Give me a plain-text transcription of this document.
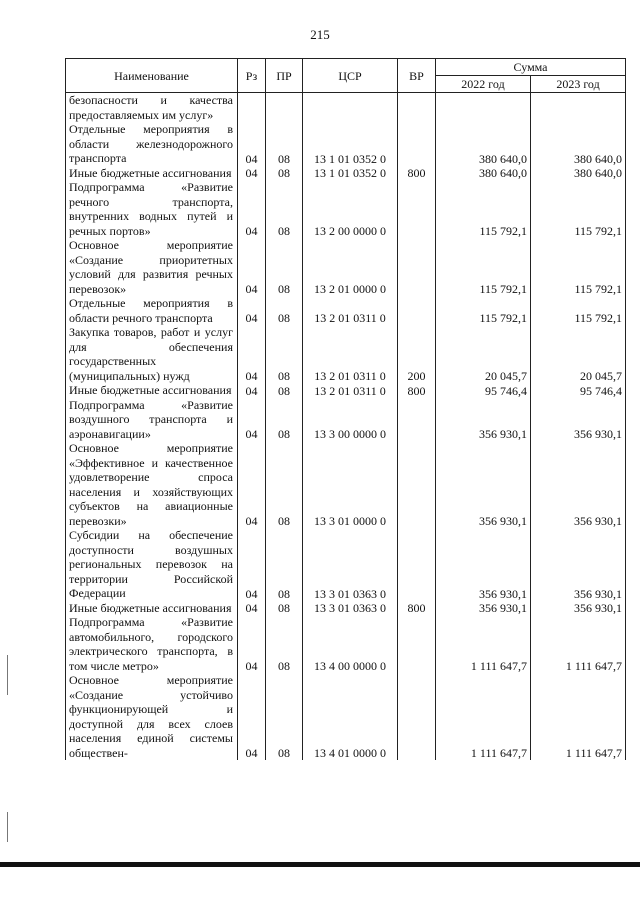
215
Наименование	Рз	ПР	ЦСР	ВР	Сумма	
					2022 год	2023 год
безопасности и качества предоставляемых им услуг»						
Отдельные мероприятия в области железнодорожного транспорта	04	08	13 1 01 0352 0		380 640,0	380 640,0
Иные бюджетные ассигнования	04	08	13 1 01 0352 0	800	380 640,0	380 640,0
Подпрограмма «Развитие речного транспорта, внутренних водных путей и речных портов»	04	08	13 2 00 0000 0		115 792,1	115 792,1
Основное мероприятие «Создание приоритетных условий для развития речных перевозок»	04	08	13 2 01 0000 0		115 792,1	115 792,1
Отдельные мероприятия в области речного транспорта	04	08	13 2 01 0311 0		115 792,1	115 792,1
Закупка товаров, работ и услуг для обеспечения государственных (муниципальных) нужд	04	08	13 2 01 0311 0	200	20 045,7	20 045,7
Иные бюджетные ассигнования	04	08	13 2 01 0311 0	800	95 746,4	95 746,4
Подпрограмма «Развитие воздушного транспорта и аэронавигации»	04	08	13 3 00 0000 0		356 930,1	356 930,1
Основное мероприятие «Эффективное и качественное удовлетворение спроса населения и хозяйствующих субъектов на авиационные перевозки»	04	08	13 3 01 0000 0		356 930,1	356 930,1
Субсидии на обеспечение доступности воздушных региональных перевозок на территории Российской Федерации	04	08	13 3 01 0363 0		356 930,1	356 930,1
Иные бюджетные ассигнования	04	08	13 3 01 0363 0	800	356 930,1	356 930,1
Подпрограмма «Развитие автомобильного, городского электрического транспорта, в том числе метро»	04	08	13 4 00 0000 0		1 111 647,7	1 111 647,7
Основное мероприятие «Создание устойчиво функционирующей и доступной для всех слоев населения единой системы обществен-	04	08	13 4 01 0000 0		1 111 647,7	1 111 647,7
